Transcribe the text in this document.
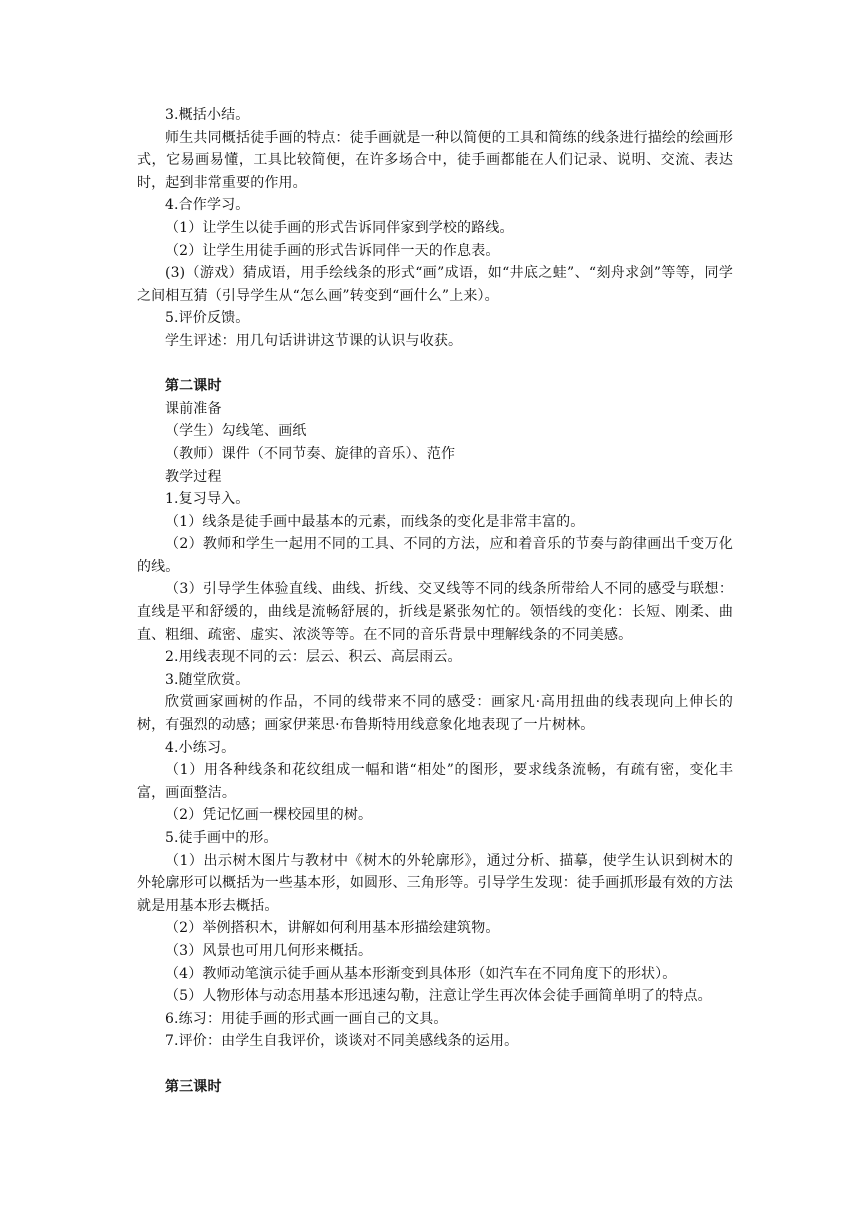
3.概括小结。

师生共同概括徒手画的特点：徒手画就是一种以简便的工具和简练的线条进行描绘的绘画形式，它易画易懂，工具比较简便，在许多场合中，徒手画都能在人们记录、说明、交流、表达时，起到非常重要的作用。

4.合作学习。

（1）让学生以徒手画的形式告诉同伴家到学校的路线。

（2）让学生用徒手画的形式告诉同伴一天的作息表。

(3)（游戏）猜成语，用手绘线条的形式“画”成语，如“井底之蛙”、“刻舟求剑”等等，同学之间相互猜（引导学生从“怎么画”转变到“画什么”上来）。

5.评价反馈。

学生评述：用几句话讲讲这节课的认识与收获。

第二课时

课前准备

（学生）勾线笔、画纸

（教师）课件（不同节奏、旋律的音乐）、范作

教学过程

1.复习导入。

（1）线条是徒手画中最基本的元素，而线条的变化是非常丰富的。

（2）教师和学生一起用不同的工具、不同的方法，应和着音乐的节奏与韵律画出千变万化的线。

（3）引导学生体验直线、曲线、折线、交叉线等不同的线条所带给人不同的感受与联想：直线是平和舒缓的，曲线是流畅舒展的，折线是紧张匆忙的。领悟线的变化：长短、刚柔、曲直、粗细、疏密、虚实、浓淡等等。在不同的音乐背景中理解线条的不同美感。

2.用线表现不同的云：层云、积云、高层雨云。

3.随堂欣赏。

欣赏画家画树的作品，不同的线带来不同的感受：画家凡·高用扭曲的线表现向上伸长的树，有强烈的动感；画家伊莱思·布鲁斯特用线意象化地表现了一片树林。

4.小练习。

（1）用各种线条和花纹组成一幅和谐“相处”的图形，要求线条流畅，有疏有密，变化丰富，画面整洁。

（2）凭记忆画一棵校园里的树。

5.徒手画中的形。

（1）出示树木图片与教材中《树木的外轮廓形》，通过分析、描摹，使学生认识到树木的外轮廓形可以概括为一些基本形，如圆形、三角形等。引导学生发现：徒手画抓形最有效的方法就是用基本形去概括。

（2）举例搭积木，讲解如何利用基本形描绘建筑物。

（3）风景也可用几何形来概括。

（4）教师动笔演示徒手画从基本形渐变到具体形（如汽车在不同角度下的形状）。

（5）人物形体与动态用基本形迅速勾勒，注意让学生再次体会徒手画简单明了的特点。

6.练习：用徒手画的形式画一画自己的文具。

7.评价：由学生自我评价，谈谈对不同美感线条的运用。

第三课时
